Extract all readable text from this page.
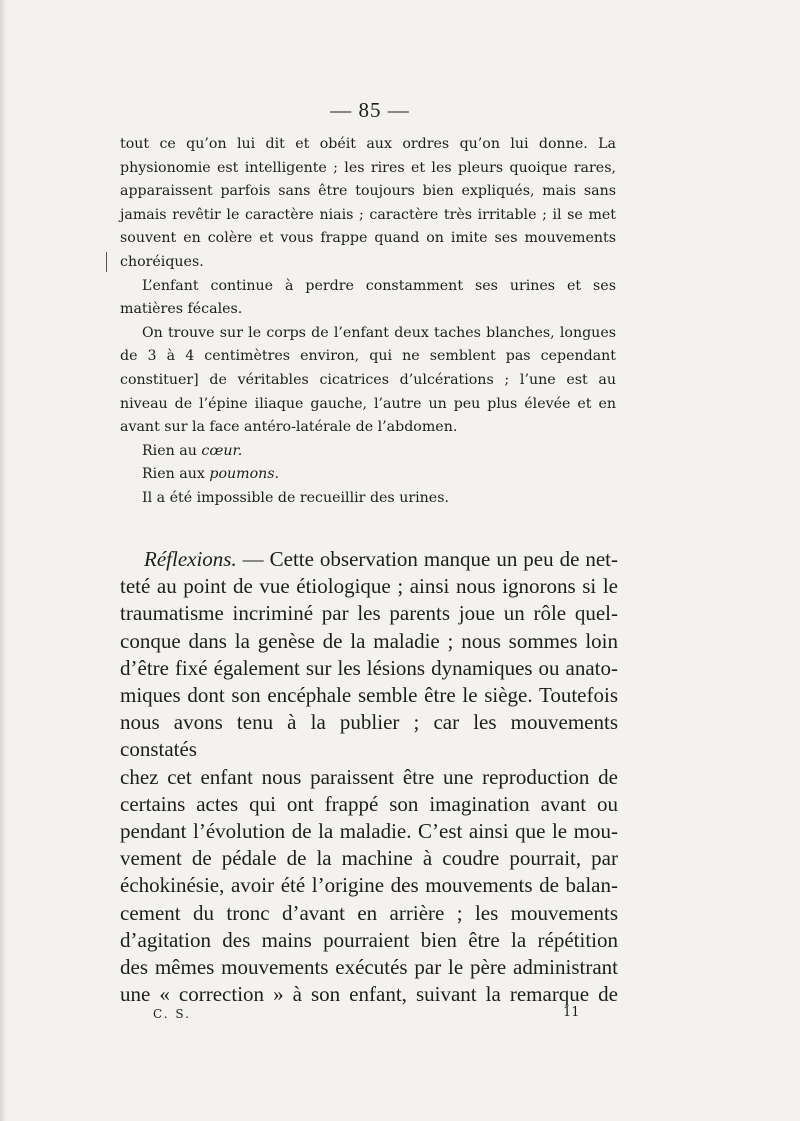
— 85 —

tout ce qu’on lui dit et obéit aux ordres qu’on lui donne. La physionomie est intelligente ; les rires et les pleurs quoique rares, apparaissent parfois sans être toujours bien expliqués, mais sans jamais revêtir le caractère niais ; caractère très irritable ; il se met souvent en colère et vous frappe quand on imite ses mouvements choréiques.

L’enfant continue à perdre constamment ses urines et ses matières fécales.

On trouve sur le corps de l’enfant deux taches blanches, longues de 3 à 4 centimètres environ, qui ne semblent pas cependant constituer] de véritables cicatrices d’ulcérations ; l’une est au niveau de l’épine iliaque gauche, l’autre un peu plus élevée et en avant sur la face antéro-latérale de l’abdomen.

Rien au cœur.

Rien aux poumons.

Il a été impossible de recueillir des urines.

Réflexions. — Cette observation manque un peu de net-

teté au point de vue étiologique ; ainsi nous ignorons si le

traumatisme incriminé par les parents joue un rôle quel-

conque dans la genèse de la maladie ; nous sommes loin

d’être fixé également sur les lésions dynamiques ou anato-

miques dont son encéphale semble être le siège. Toutefois

nous avons tenu à la publier ; car les mouvements constatés

chez cet enfant nous paraissent être une reproduction de

certains actes qui ont frappé son imagination avant ou

pendant l’évolution de la maladie. C’est ainsi que le mou-

vement de pédale de la machine à coudre pourrait, par

échokinésie, avoir été l’origine des mouvements de balan-

cement du tronc d’avant en arrière ; les mouvements

d’agitation des mains pourraient bien être la répétition

des mêmes mouvements exécutés par le père administrant

une « correction » à son enfant, suivant la remarque de

C. S.	11
